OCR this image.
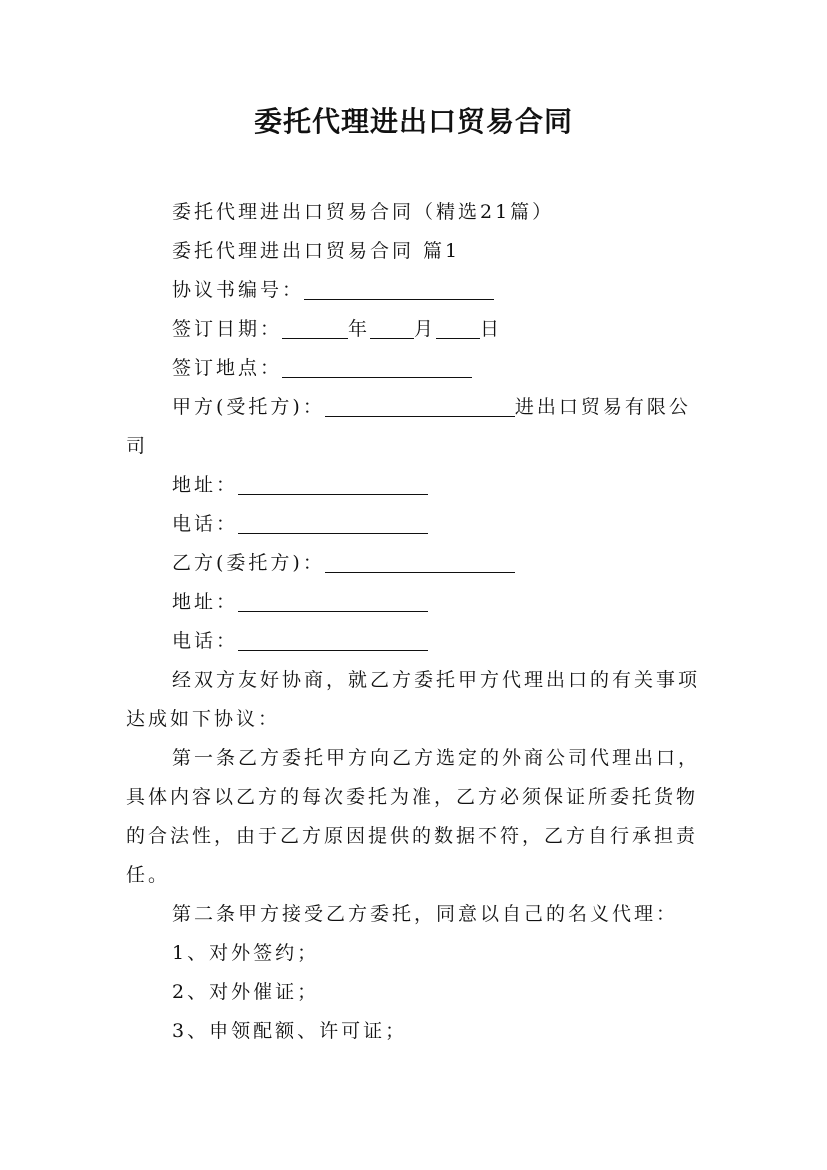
委托代理进出口贸易合同

委托代理进出口贸易合同（精选21篇）

委托代理进出口贸易合同 篇1

协议书编号：

签订日期：	年 月 日

签订地点：

甲方(受托方)：	进出口贸易有限公

司

地址：

电话：

乙方(委托方)：

地址：

电话：

经双方友好协商，就乙方委托甲方代理出口的有关事项

达成如下协议：

第一条乙方委托甲方向乙方选定的外商公司代理出口，

具体内容以乙方的每次委托为准，乙方必须保证所委托货物

的合法性，由于乙方原因提供的数据不符，乙方自行承担责

任。

第二条甲方接受乙方委托，同意以自己的名义代理：

1、对外签约；

2、对外催证；

3、申领配额、许可证；
